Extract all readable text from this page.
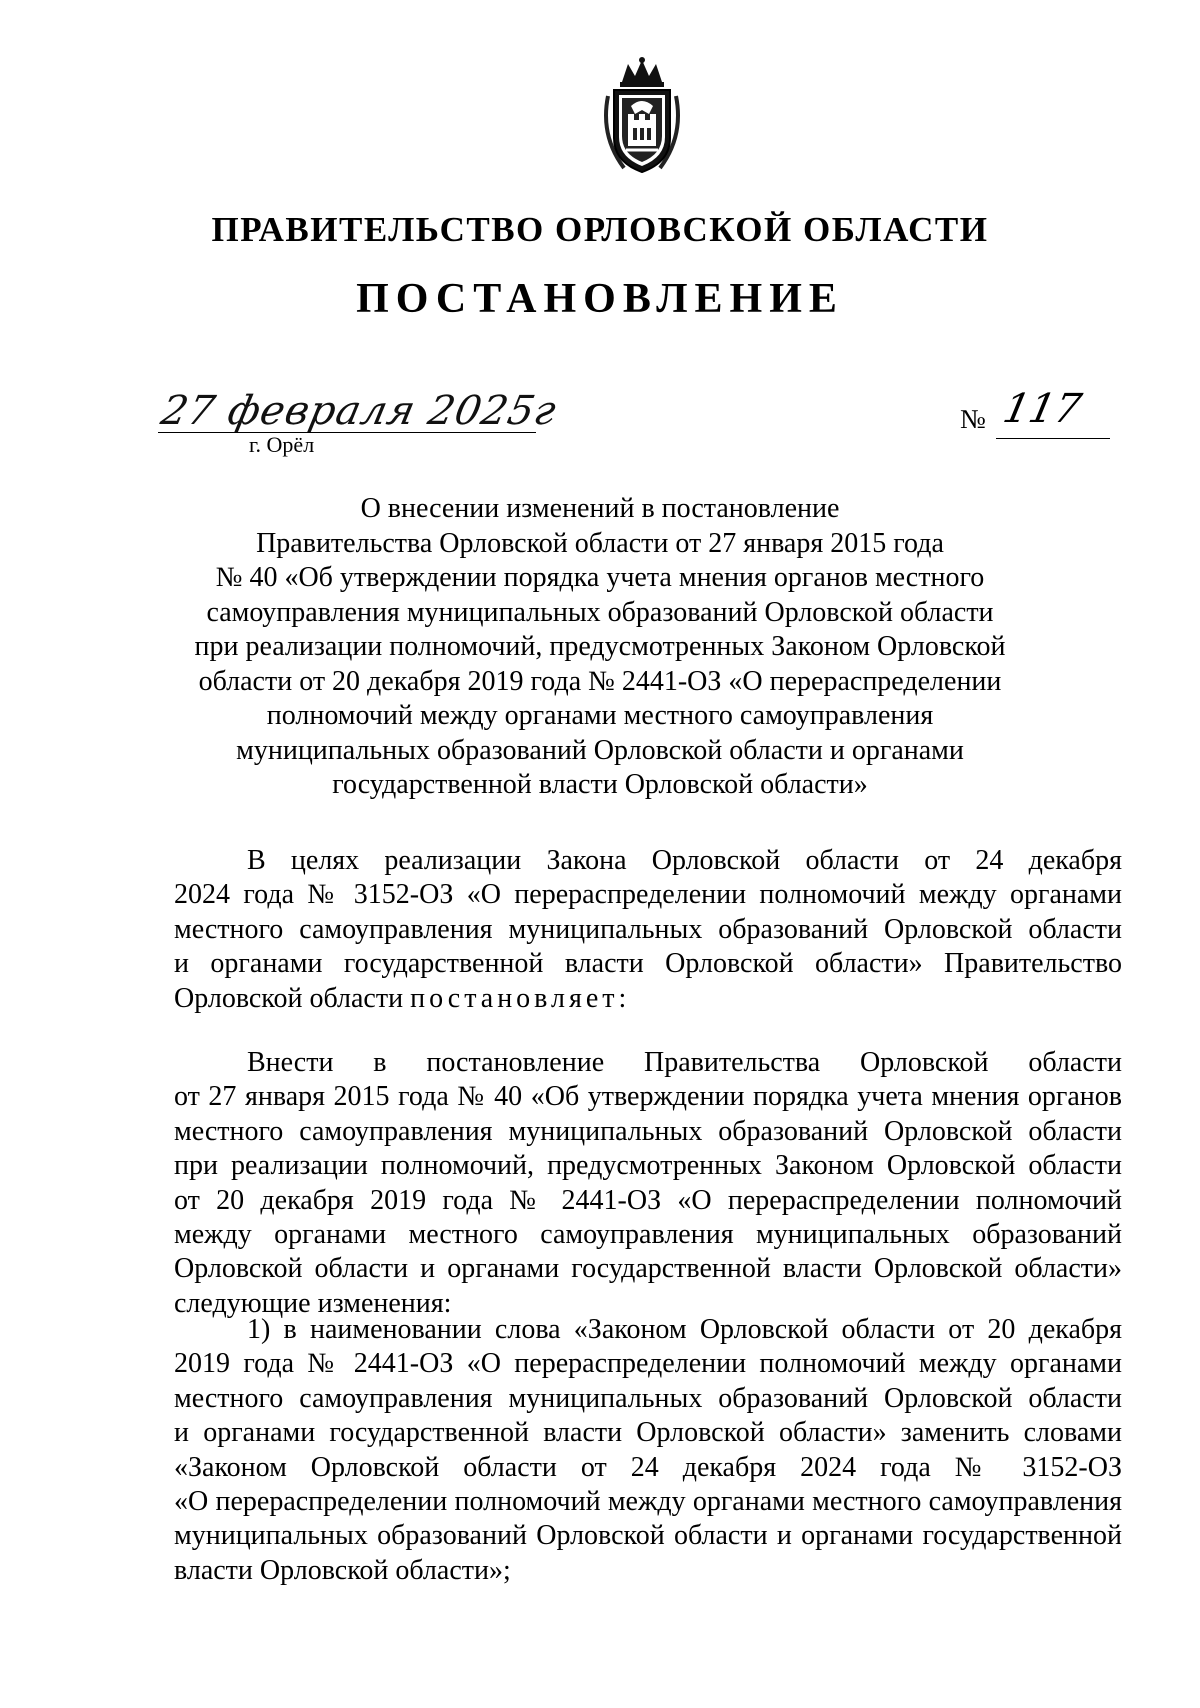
ПРАВИТЕЛЬСТВО ОРЛОВСКОЙ ОБЛАСТИ
ПОСТАНОВЛЕНИЕ
27 февраля 2025г
г. Орёл
№ 117
О внесении изменений в постановление
Правительства Орловской области от 27 января 2015 года
№ 40 «Об утверждении порядка учета мнения органов местного
самоуправления муниципальных образований Орловской области
при реализации полномочий, предусмотренных Законом Орловской
области от 20 декабря 2019 года № 2441-ОЗ «О перераспределении
полномочий между органами местного самоуправления
муниципальных образований Орловской области и органами
государственной власти Орловской области»
В целях реализации Закона Орловской области от 24 декабря
2024 года № 3152-ОЗ «О перераспределении полномочий между органами
местного самоуправления муниципальных образований Орловской области
и органами государственной власти Орловской области» Правительство
Орловской области постановляет:
Внести в постановление Правительства Орловской области
от 27 января 2015 года № 40 «Об утверждении порядка учета мнения органов
местного самоуправления муниципальных образований Орловской области
при реализации полномочий, предусмотренных Законом Орловской области
от 20 декабря 2019 года № 2441-ОЗ «О перераспределении полномочий
между органами местного самоуправления муниципальных образований
Орловской области и органами государственной власти Орловской области»
следующие изменения:
1) в наименовании слова «Законом Орловской области от 20 декабря
2019 года № 2441-ОЗ «О перераспределении полномочий между органами
местного самоуправления муниципальных образований Орловской области
и органами государственной власти Орловской области» заменить словами
«Законом Орловской области от 24 декабря 2024 года № 3152-ОЗ
«О перераспределении полномочий между органами местного самоуправления
муниципальных образований Орловской области и органами государственной
власти Орловской области»;
